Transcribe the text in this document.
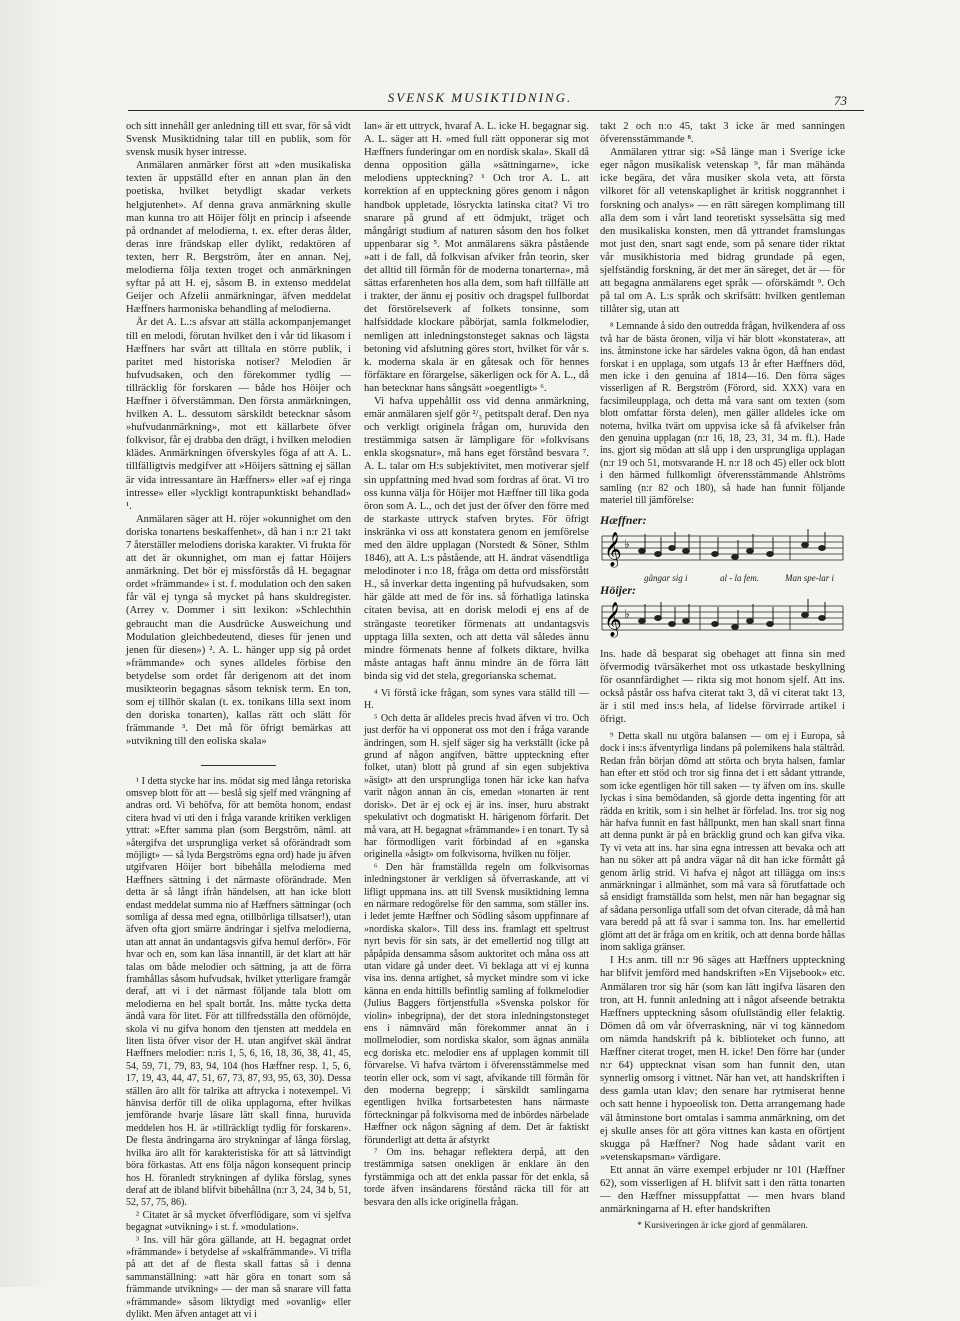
SVENSK MUSIKTIDNING.	73

och sitt innehåll ger anledning till ett svar, för så vidt Svensk Musiktidning talar till en publik, som för svensk musik hyser intresse.

Anmälaren anmärker först att »den musikaliska texten är uppställd efter en annan plan än den poetiska, hvilket betydligt skadar verkets helgjutenhet». Af denna grava anmärkning skulle man kunna tro att Höijer följt en princip i afseende på ordnandet af melodierna, t. ex. efter deras ålder, deras inre frändskap eller dylikt, redaktören af texten, herr R. Bergström, åter en annan. Nej, melodierna följa texten troget och anmärkningen syftar på att H. ej, såsom B. in extenso meddelat Geijer och Afzelii anmärkningar, äfven meddelat Hæffners harmoniska behandling af melodierna.

Är det A. L.:s afsvar att ställa ackompanjemanget till en melodi, förutan hvilket den i vår tid likasom i Hæffners har svårt att tilltala en större publik, i paritet med historiska notiser? Melodien är hufvudsaken, och den förekommer tydlig — tillräcklig för forskaren — både hos Höijer och Hæffner i öfverstämman. Den första anmärkningen, hvilken A. L. dessutom särskildt betecknar såsom »hufvudanmärkning», mot ett källarbete öfver folkvisor, får ej drabba den drägt, i hvilken melodien klädes. Anmärkningen öfverskyles föga af att A. L. tillfälligtvis medgifver att »Höijers sättning ej sällan är vida intressantare än Hæffners» eller »af ej ringa intresse» eller »lyckligt kontrapunktiskt behandlad» ¹.

Anmälaren säger att H. röjer »okunnighet om den doriska tonartens beskaffenhet», då han i n:r 21 takt 7 återställer melodiens doriska karakter. Vi fruktа för att det är okunnighet, om man ej fattar Höijers anmärkning. Det bör ej missförstås då H. begagnar ordet »främmande» i st. f. modulation och den saken får väl ej tynga så mycket på hans skuldregister. (Arrey v. Dommer i sitt lexikon: »Schlechthin gebraucht man die Ausdrücke Ausweichung und Modulation gleichbedeutend, dieses für jenen und jenen für diesen») ². A. L. hänger upp sig på ordet »främmande» och synes alldeles förbise den betydelse som ordet får derigenom att det inom musikteorin begagnas såsom teknisk term. En ton, som ej tillhör skalan (t. ex. tonikans lilla sext inom den doriska tonarten), kallas rätt och slätt för främmande ³. Det må för öfrigt bemärkas att »utvikning till den eoliska skala»

¹ I detta stycke har ins. mödat sig med långa retoriska omsvep blott för att — beslå sig sjelf med vrängning af andras ord. Vi behöfva, för att bemöta honom, endast citera hvad vi uti den i fråga varande kritiken verkligen yttrat: »Efter samma plan (som Bergström, näml. att »återgifva det ursprungliga verket så oförändradt som möjligt» — så lyda Bergströms egna ord) hade ju äfven utgifvaren Höijer bort bibehålla melodierna med Hæffners sättning i det närmaste oförändrade. Men detta är så långt ifrån händelsen, att han icke blott endast meddelat summa nio af Hæffners sättningar (och somliga af dessa med egna, otillbörliga tillsatser!), utan äfven ofta gjort smärre ändringar i sjelfva melodierna, utan att annat än undantagsvis gifva hemul derför». För hvar och en, som kan läsa innantill, är det klart att här talas om både melodier och sättning, ja att de förra framhållas såsom hufvudsak, hvilket ytterligare framgår deraf, att vi i det närmast följande tala blott om melodierna en hel spalt bortåt. Ins. måtte tycka detta ändå vara för litet. För att tillfredsställa den oförnöjde, skola vi nu gifva honom den tjensten att meddela en liten lista öfver visor der H. utan angifvet skäl ändrat Hæffners melodier: n:ris 1, 5, 6, 16, 18, 36, 38, 41, 45, 54, 59, 71, 79, 83, 94, 104 (hos Hæffner resp. 1, 5, 6, 17, 19, 43, 44, 47, 51, 67, 73, 87, 93, 95, 63, 30). Dessa ställen äro allt för talrika att aftrycka i notexempel. Vi hänvisa derför till de olika upplagorna, efter hvilkas jemförande hvarje läsare lätt skall finna, huruvida meddelen hos H. är »tillräckligt tydlig för forskaren». De flesta ändringarna äro strykningar af långa förslag, hvilka äro allt för karakteristiska för att så lättvindigt böra förkastas. Att ens följa någon konsequent princip hos H. föranledt strykningen af dylika förslag, synes deraf att de ibland blifvit bibehållna (n:r 3, 24, 34 b, 51, 52, 57, 75, 86).

² Citatet är så mycket öfverflödigare, som vi sjelfva begagnat »utvikning» i st. f. »modulation».

³ Ins. vill här göra gällande, att H. begagnat ordet »främmande» i betydelse af »skalfrämmande». Vi trifla på att det af de flesta skall fattas så i denna sammanställning: »att här göra en tonart som så främmande utvikning» — der man så snarare vill fatta »främmande» såsom liktydigt med »ovanlig» eller dylikt. Men äfven antaget att vi i

lan» är ett uttryck, hvaraf A. L. icke H. begagnar sig. A. L. säger att H. »med full rätt opponerar sig mot Hæffners funderingar om en nordisk skala». Skall då denna opposition gälla »sättningarne», icke melodiens uppteckning? ¹ Och tror A. L. att korrektion af en uppteckning göres genom i någon handbok uppletade, lösryckta latinska citat? Vi tro snarare på grund af ett ödmjukt, träget och mångårigt studium af naturen såsom den hos folket uppenbarar sig ⁵. Mot anmälarens säkra påstående »att i de fall, då folkvisan afviker från teorin, sker det alltid till förmån för de moderna tonarterna», må sättas erfarenheten hos alla dem, som haft tillfälle att i trakter, der ännu ej positiv och dragspel fullbordat det förstörelseverk af folkets tonsinne, som halfsiddade klockare påbörjat, samla folkmelodier, nemligen att inledningstonsteget saknas och lägsta betoning vid afslutning göres stort, hvilket för vår s. k. moderna skala är en gåtesak och för hennes förfäktare en förargelse, säkerligen ock för A. L., då han betecknar hans sångsätt »oegentligt» ⁶.

Vi hafva uppehållit oss vid denna anmärkning, emär anmälaren sjelf gör ²/₃ petitspalt deraf. Den nya och verkligt originela frågan om, huruvida den trestämmiga satsen är lämpligare för »folkvisans enkla skogsnatur», må hans eget förstånd besvara ⁷. A. L. talar om H:s subjektivitet, men motiverar sjelf sin uppfattning med hvad som fordras af örat. Vi tro oss kunna välja för Höijer mot Hæffner till lika goda öron som A. L., och det just der öfver den förre med de starkaste uttryck stafven brytes. För öfrigt inskränka vi oss att konstatera genom en jemförelse med den äldre upplagan (Norstedt & Söner, Sthlm 1846), att A. L:s påstående, att H. ändrat väsendtliga melodinoter i n:o 18, fråga om detta ord missförstått H., så inverkar detta ingenting på hufvudsaken, som här gälde att med de för ins. så förhatliga latinska citaten bevisa, att en dorisk melodi ej ens af de strängaste teoretiker förmenats att undantagsvis upptaga lilla sexten, och att detta väl således ännu mindre förmenats henne af folkets diktare, hvilka måste antagas haft ännu mindre än de förra lätt binda sig vid det stela, gregorianska schemat.

⁴ Vi förstå icke frågan, som synes vara ställd till — H.

⁵ Och detta är alldeles precis hvad äfven vi tro. Och just derför ha vi opponerat oss mot den i fråga varande ändringen, som H. sjelf säger sig ha verkställt (icke på grund af någon angifven, bättre uppteckning efter folket, utan) blott på grund af sin egen subjektiva »äsigt» att den ursprungliga tonen här icke kan hafva varit någon annan än cis, emedan »tonarten är rent dorisk». Det är ej ock ej är ins. inser, huru abstrakt spekulativt och dogmatiskt H. härigenom förfarit. Det må vara, att H. begagnat »främmande» i en tonart. Ty så har förmodligen varit förbindad af en »ganska originella »åsigt» om folkvisorna, hvilken nu följer.

⁶ Den här framställda regeln om folkvisornas inledningstoner är verkligen så öfverraskande, att vi lifligt uppmana ins. att till Svensk musiktidning lemna en närmare redogörelse för den samma, som ställer ins. i ledet jemte Hæffner och Södling såsom uppfinnare af »nordiska skalor». Till dess ins. framlagt ett speltrust nyrt bevis för sin sats, är det emellertid nog tillgt att påpåpida densamma såsom auktoritet och måna oss att utan vidare gå under deet. Vi beklaga att vi ej kunna visa ins. denna artighet, så mycket mindre som vi icke känna en enda hittills befintlig samling af folkmelodier (Julius Baggers förtjenstfulla »Svenska polskor för violin» inbegripna), der det stora inledningstonsteget ens i nämnvärd mån förekommer annat än i mollmelodier, som nordiska skalor, som ägnas anmäla ecg doriska etc. melodier ens af upplagen kommit till förvarelse. Vi hafva tvärtom i öfverensstämmelse med teorin eller ock, som vi sagt, afvikande till förmån för den moderna begrepp; i särskildt samlingarna egentligen hvilka fortsarbetesten hans närmaste förteckningar på folkvisorna med de inbördes närbelade Hæffner ock någon sägning af dem. Det är faktiskt förunderligt att detta är afstyrkt

⁷ Om ins. behagar reflektera derpå, att den trestämmiga satsen onekligen är enklare än den fyrstämmiga och att det enkla passar för det enkla, så torde äfven insändarens förstånd räcka till för att besvara den alls icke originella frågan.

takt 2 och n:o 45, takt 3 icke är med sanningen öfverensstämmande ⁸.

Anmälaren yttrar sig: »Så länge man i Sverige icke eger någon musikalisk vetenskap ⁹, får man mähända icke begära, det våra musiker skola veta, att första vilkoret för all vetenskaplighet är kritisk noggrannhet i forskning och analys» — en rätt säregen komplimang till alla dem som i vårt land teoretiskt sysselsätta sig med den musikaliska konsten, men då yttrandet framslungas mot just den, snart sagt ende, som på senare tider riktat vår musikhistoria med bidrag grundade på egen, sjelfständig forskning, är det mer än säreget, det är — för att begagna anmälarens eget språk — oförskämdt ⁹. Och på tal om A. L:s språk och skrifsätt: hvilken gentleman tillåter sig, utan att

⁸ Lemnande å sido den outredda frågan, hvilkendera af oss två har de bästa öronen, vilja vi här blott »konstatera», att ins. åtminstone icke har särdeles vakna ögon, då han endast forskat i en upplaga, som utgafs 13 år efter Hæffners död, men icke i den genuina af 1814—16. Den förra säges visserligen af R. Bergström (Förord, sid. XXX) vara en facsimileupplaga, och detta må vara sant om texten (som blott omfattar första delen), men gäller alldeles icke om noterna, hvilka tvärt om uppvisa icke så få afvikelser från den genuina upplagan (n:r 16, 18, 23, 31, 34 m. fl.). Hade ins. gjort sig mödan att slå upp i den ursprungliga upplagan (n:r 19 och 51, motsvarande H. n:r 18 och 45) eller ock blott i den härmed fullkomligt öfverensstämmande Ahlströms samling (n:r 82 och 180), så hade han funnit följande materiel till jämförelse:

Hæffner:
𝄞 ♭
gångar sig i	al - la fem.	Man spe-lar i
Höijer:
𝄞 ♭

Ins. hade då besparat sig obehaget att finna sin med öfvermodig tvärsäkerhet mot oss utkastade beskyllning för osannfärdighet — rikta sig mot honom sjelf. Att ins. också påstår oss hafva citerat takt 3, då vi citerat takt 13, är i stil med ins:s hela, af lidelse förvirrade artikel i öfrigt.

⁹ Detta skall nu utgöra balansen — om ej i Europa, så dock i ins:s äfventyrliga lindans på polemikens hala stältråd. Redan från början dömd att störta och bryta halsen, famlar han efter ett stöd och tror sig finna det i ett sådant yttrande, som icke egentligen hör till saken — ty äfven om ins. skulle lyckas i sina bemödanden, så gjorde detta ingenting för att rädda en kritik, som i sin helhet är förfelad. Ins. tror sig nog här hafva funnit en fast hållpunkt, men han skall snart finna att denna punkt är på en bräcklig grund och kan gifva vika. Ty vi veta att ins. har sina egna intressen att bevaka och att han nu söker att på andra vägar nå dit han icke förmått gå genom ärlig strid. Vi hafva ej något att tillägga om ins:s anmärkningar i allmänhet, som må vara så förutfattade och så ensidigt framställda som helst, men när han begagnar sig af sådana personliga utfall som det ofvan citerade, då må han vara beredd på att få svar i samma ton. Ins. har emellertid glömt att det är fråga om en kritik, och att denna borde hållas inom sakliga gränser.

I H:s anm. till n:r 96 säges att Hæffners uppteckning har blifvit jemförd med handskriften »En Vijsebook» etc. Anmälaren tror sig här (som kan lätt ingifva läsaren den tron, att H. funnit anledning att i något afseende betrakta Hæffners uppteckning såsom ofullständig eller felaktig. Dömen då om vår öfverraskning, när vi tog kännedom om nämda handskrift på k. biblioteket och funno, att Hæffner citerat troget, men H. icke! Den förre har (under n:r 64) upptecknat visan som han funnit den, utan synnerlig omsorg i vittnet. När han vet, att handskriften i dess gamla utan klav; den senare har rytmiserat henne och satt henne i hypoeolisk ton. Detta arrangemang hade väl åtminstone bort omtalas i samma anmärkning, om det ej skulle anses för att göra vittnes kan kasta en oförtjent skugga på Hæffner? Nog hade sådant varit en »vetenskapsman» värdigare.

Ett annat än värre exempel erbjuder nr 101 (Hæffner 62), som visserligen af H. blifvit satt i den rätta tonarten — den Hæffner missuppfattat — men hvars bland anmärkningarna af H. efter handskriften

* Kursiveringen är icke gjord af genmälaren.
